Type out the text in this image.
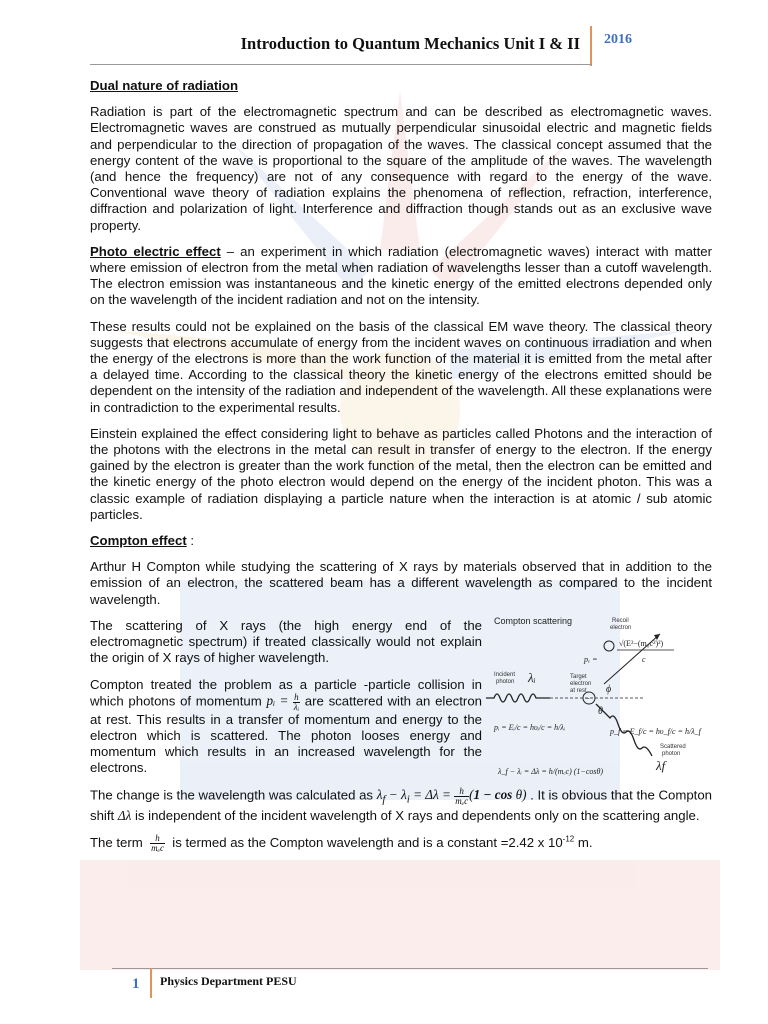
Introduction to Quantum Mechanics Unit I & II 2016
Dual nature of radiation

Radiation is part of the electromagnetic spectrum and can be described as electromagnetic waves. Electromagnetic waves are construed as mutually perpendicular sinusoidal electric and magnetic fields and perpendicular to the direction of propagation of the waves. The classical concept assumed that the energy content of the wave is proportional to the square of the amplitude of the waves. The wavelength (and hence the frequency) are not of any consequence with regard to the energy of the wave. Conventional wave theory of radiation explains the phenomena of reflection, refraction, interference, diffraction and polarization of light. Interference and diffraction though stands out as an exclusive wave property.

Photo electric effect – an experiment in which radiation (electromagnetic waves) interact with matter where emission of electron from the metal when radiation of wavelengths lesser than a cutoff wavelength. The electron emission was instantaneous and the kinetic energy of the emitted electrons depended only on the wavelength of the incident radiation and not on the intensity.

These results could not be explained on the basis of the classical EM wave theory. The classical theory suggests that electrons accumulate of energy from the incident waves on continuous irradiation and when the energy of the electrons is more than the work function of the material it is emitted from the metal after a delayed time. According to the classical theory the kinetic energy of the electrons emitted should be dependent on the intensity of the radiation and independent of the wavelength. All these explanations were in contradiction to the experimental results.

Einstein explained the effect considering light to behave as particles called Photons and the interaction of the photons with the electrons in the metal can result in transfer of energy to the electron. If the energy gained by the electron is greater than the work function of the metal, then the electron can be emitted and the kinetic energy of the photo electron would depend on the energy of the incident photon. This was a classic example of radiation displaying a particle nature when the interaction is at atomic / sub atomic particles.

Compton effect :

Arthur H Compton while studying the scattering of X rays by materials observed that in addition to the emission of an electron, the scattered beam has a different wavelength as compared to the incident wavelength.

Compton scattering	Recoil
electron
√(E²−(m₀c²)²)
pₑ =	c
Incident
photon λᵢ	Target
electron
at rest
−
ϕ
θ
pᵢ = Eᵢ/c = hυᵢ/c = h/λᵢ	p_f = E_f/c = hυ_f/c = h/λ_f
Scattered
photon
λf
λ_f − λᵢ = Δλ = h/(mₑc) (1−cosθ)

The scattering of X rays (the high energy end of the electromagnetic spectrum) if treated classically would not explain the origin of X rays of higher wavelength.

Compton treated the problem as a particle -particle collision in which photons of momentum pᵢ = $\frac{h}{\text{λᵢ}}$ are scattered with an electron at rest. This results in a transfer of momentum and energy to the electron which is scattered. The photon looses energy and momentum which results in an increased wavelength for the electrons.

The change is the wavelength was calculated as $\lambda_f - \lambda_i = \Delta\lambda = \frac{h}{\text{mₑc}} (1 - \cos \theta)$ . It is obvious that the Compton shift Δλ is independent of the incident wavelength of X rays and dependents only on the scattering angle.

The term $\frac{h}{\text{mₑc}}$ is termed as the Compton wavelength and is a constant =2.42 x $10^{-12}$ m.

1 Physics Department PESU
